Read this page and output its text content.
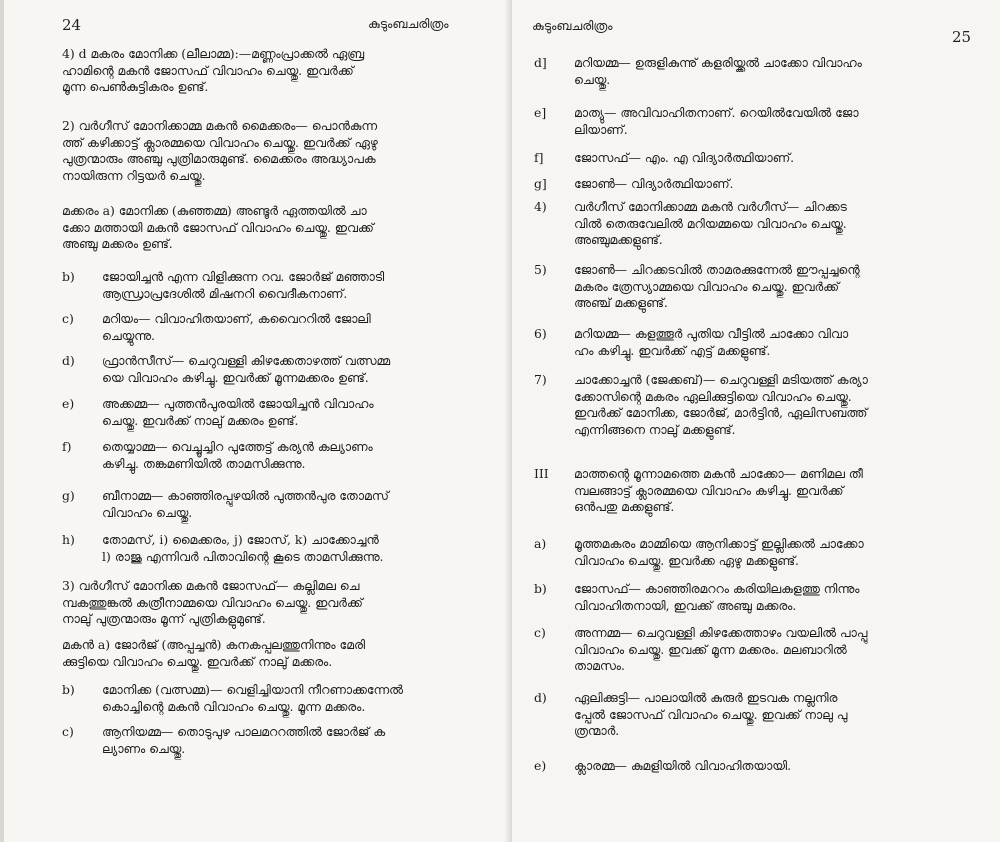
24	കുടുംബചരിത്രം
4) d മകരം മോനിക്ക (ലീലാമ്മ):—മണ്ണംപ്രാക്കൽ ഏബ്ര
ഹാമിന്റെ മകൻ ജോസഫ് വിവാഹം ചെയ്തു. ഇവർക്ക്
മൂന്ന പെൺകുട്ടികരം ഉണ്ട്.
2) വർഗീസ് മോനിക്കാമ്മ മകൻ മൈക്കരം— പൊൻകുന്ന
ത്ത് കഴിക്കാട്ട് ക്ലാരമ്മയെ വിവാഹം ചെയ്തു. ഇവർക്ക് ഏഴു
പുത്രന്മാരും അഞ്ചു പുത്രിമാരുമുണ്ട്. മൈക്കരം അദ്ധ്യാപക
നായിരുന്ന റിട്ടയർ ചെയ്തു.
മക്കരം a) മോനിക്ക (കുഞ്ഞമ്മ) അണ്ടൂർ ഏത്തയിൽ ചാ
ക്കോ മത്തായി മകൻ ജോസഫ് വിവാഹം ചെയ്തു. ഇവക്ക്
അഞ്ചു മക്കരം ഉണ്ട്.
b)	ജോയിച്ചൻ എന്ന വിളിക്കുന്ന റവ. ജോർജ് മഞ്ഞാടി
ആന്ധ്രാപ്രദേശിൽ മിഷനറി വൈദീകനാണ്.
c)	മറിയം— വിവാഹിതയാണ്, കവൈററിൽ ജോലി
ചെയ്യുന്നു.
d)	ഫ്രാൻസീസ്— ചെറുവള്ളി കിഴക്കേതാഴത്ത് വത്സമ്മ
യെ വിവാഹം കഴിച്ചു. ഇവർക്ക് മൂന്നമക്കരം ഉണ്ട്.
e)	അക്കമ്മ— പുത്തൻപുരയിൽ ജോയിച്ചൻ വിവാഹം
ചെയ്തു. ഇവർക്ക് നാലു് മക്കരം ഉണ്ട്.
f)	തെയ്യാമ്മ— വെച്ചൂച്ചിറ പുത്തേട്ട് കര്യൻ കല്യാണം
കഴിച്ചു. തങ്കമണിയിൽ താമസിക്കുന്നു.
g)	ബീനാമ്മ— കാഞ്ഞിരപ്പുഴയിൽ പുത്തൻപുര തോമസ്
വിവാഹം ചെയ്തു.
h)	തോമസ്, i) മൈക്കരം, j) ജോസ്, k) ചാക്കോച്ചൻ
l) രാജു എന്നിവർ പിതാവിന്റെ കൂടെ താമസിക്കുന്നു.
3) വർഗീസ് മോനിക്ക മകൻ ജോസഫ്— കല്ലിമല ചെ
മ്പകത്തുങ്കൽ കത്രീനാമ്മയെ വിവാഹം ചെയ്തു. ഇവർക്ക്
നാലു് പുത്രന്മാരും മൂന്ന് പുത്രികളുമുണ്ട്.
മകൻ a) ജോർജ് (അപ്പച്ചൻ) കനകപ്പലത്തുനിന്നും മേരി
ക്കുട്ടിയെ വിവാഹം ചെയ്തു. ഇവർക്ക് നാലു് മക്കരം.
b)	മോനിക്ക (വത്സമ്മ)— വെളിച്ചിയാനി നീറണാക്കന്നേൽ
കൊച്ചിന്റെ മകൻ വിവാഹം ചെയ്തു. മൂന്ന മക്കരം.
c)	ആനിയമ്മ— തൊടുപുഴ പാലമററത്തിൽ ജോർജ് ക
ല്യാണം ചെയ്തു.
കുടുംബചരിത്രം
25
d]	മറിയമ്മ— ഉരുളികുന്നു് കളരിയ്ക്കൽ ചാക്കോ വിവാഹം
ചെയ്തു.
e]	മാത്യു— അവിവാഹിതനാണ്. റെയിൽവേയിൽ ജോ
ലിയാണ്.
f]	ജോസഫ്— എം. എ വിദ്യാർത്ഥിയാണ്.
g]	ജോൺ— വിദ്യാർത്ഥിയാണ്.
4)	വർഗീസ് മോനിക്കാമ്മ മകൻ വർഗീസ്— ചിറക്കട
വിൽ തെരുവേലിൽ മറിയമ്മയെ വിവാഹം ചെയ്തു.
അഞ്ചുമക്കളുണ്ട്.
5)	ജോൺ— ചിറക്കടവിൽ താമരക്കുന്നേൽ ഈപ്പച്ചന്റെ
മകരം ത്രേസ്യാമ്മയെ വിവാഹം ചെയ്തു. ഇവർക്ക്
അഞ്ച് മക്കളുണ്ട്.
6)	മറിയമ്മ— കളത്തൂർ പുതിയ വീട്ടിൽ ചാക്കോ വിവാ
ഹം കഴിച്ചു. ഇവർക്ക് എട്ട് മക്കളുണ്ട്.
7)	ചാക്കോച്ചൻ (ജേക്കബ്)— ചെറുവള്ളി മടിയത്ത് കര്യാ
ക്കോസിന്റെ മകരം ഏലിക്കുട്ടിയെ വിവാഹം ചെയ്തു.
ഇവർക്ക് മോനിക്ക, ജോർജ്, മാർട്ടിൻ, ഏലിസബത്ത്
എന്നിങ്ങനെ നാലു് മക്കളുണ്ട്.
III	മാത്തന്റെ മൂന്നാമത്തെ മകൻ ചാക്കോ— മണിമല തീ
മ്പലങ്ങാട്ട് ക്ലാരമ്മയെ വിവാഹം കഴിച്ചു. ഇവർക്ക്
ഒൻപതു മക്കളുണ്ട്.
a)	മൂത്തമകരം മാമ്മിയെ ആനിക്കാട്ട് ഇല്ലിക്കൽ ചാക്കോ
വിവാഹം ചെയ്തു. ഇവർക്ക ഏഴു മക്കളുണ്ട്.
b)	ജോസഫ്— കാഞ്ഞിരമററം കരിയിലകുളത്തു നിന്നും
വിവാഹിതനായി, ഇവക്ക് അഞ്ചു മക്കരം.
c)	അന്നമ്മ— ചെറുവള്ളി കിഴക്കേത്താഴം വയലിൽ പാപ്പു
വിവാഹം ചെയ്തു. ഇവക്ക് മൂന്ന മക്കരം. മലബാറിൽ
താമസം.
d)	ഏലിക്കുട്ടി— പാലായിൽ കുരുർ ഇടവക നല്ലനിര
പ്പേൽ ജോസഫ് വിവാഹം ചെയ്തു. ഇവക്ക് നാലു പു
ത്രന്മാർ.
e)	ക്ലാരമ്മ— കുമളിയിൽ വിവാഹിതയായി.
